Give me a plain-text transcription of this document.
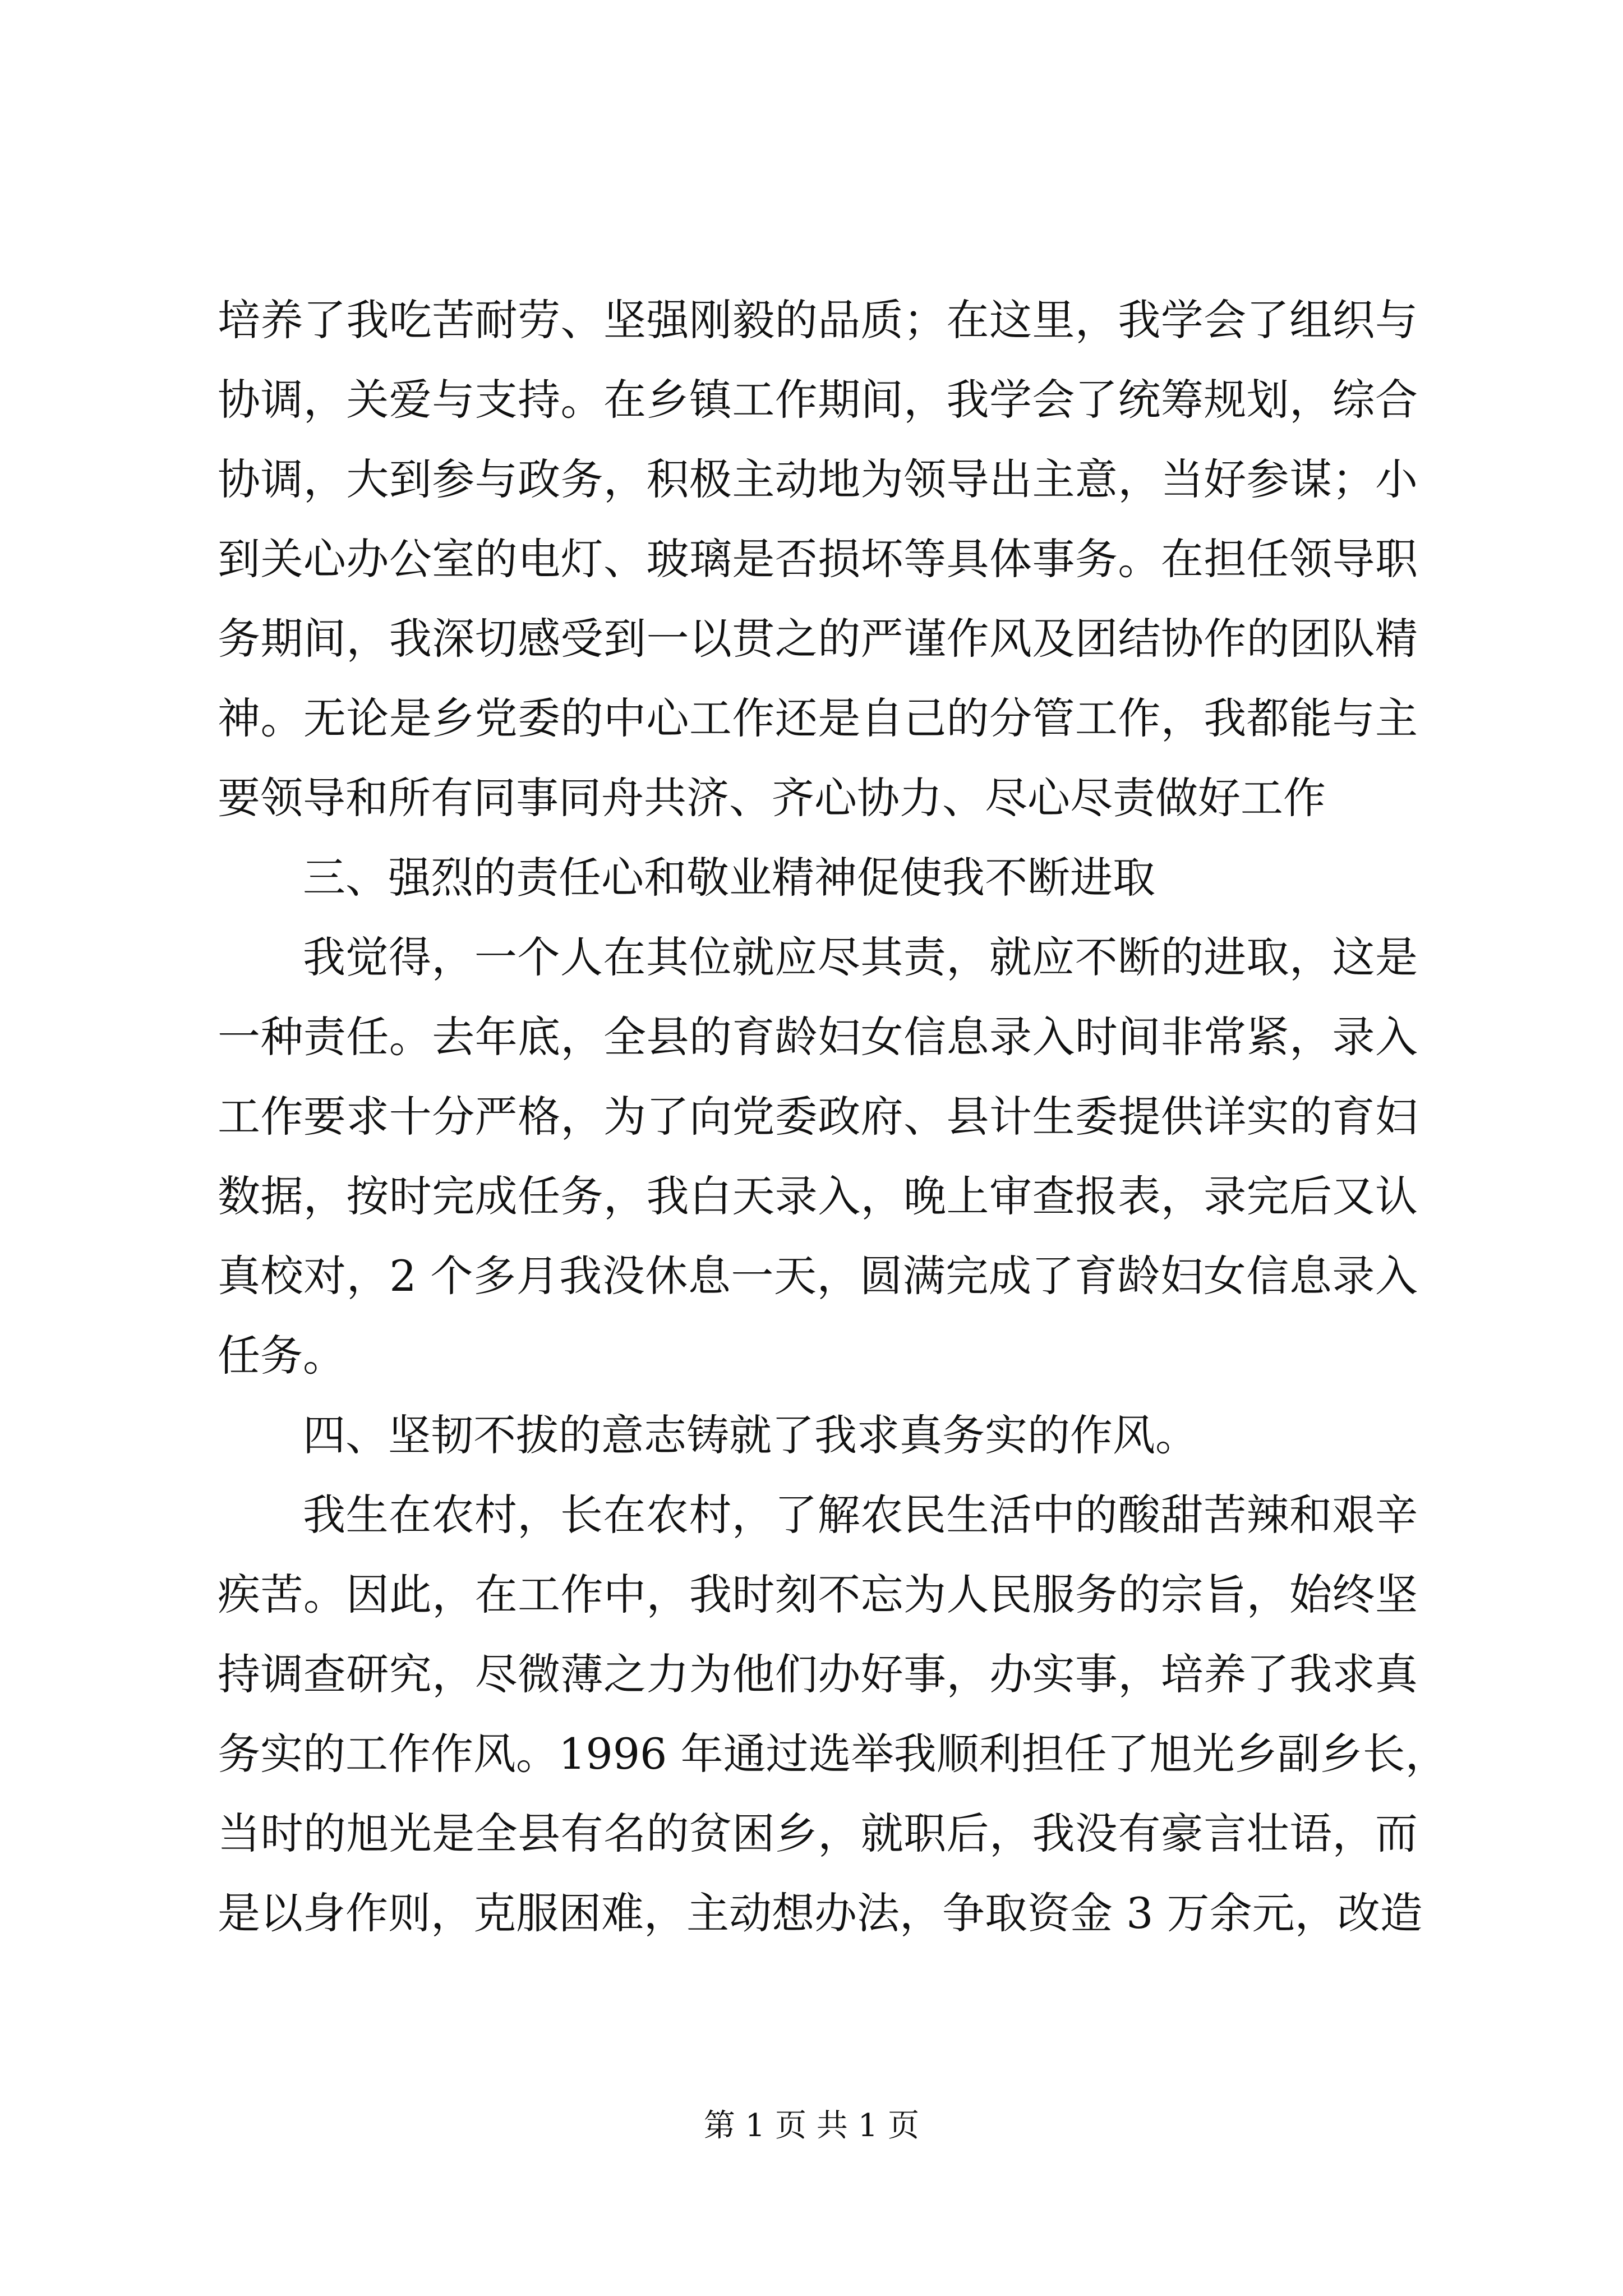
培养了我吃苦耐劳、坚强刚毅的品质；在这里，我学会了组织与
协调，关爱与支持。在乡镇工作期间，我学会了统筹规划，综合
协调，大到参与政务，积极主动地为领导出主意，当好参谋；小
到关心办公室的电灯、玻璃是否损坏等具体事务。在担任领导职
务期间，我深切感受到一以贯之的严谨作风及团结协作的团队精
神。无论是乡党委的中心工作还是自己的分管工作，我都能与主
要领导和所有同事同舟共济、齐心协力、尽心尽责做好工作
三、强烈的责任心和敬业精神促使我不断进取
我觉得，一个人在其位就应尽其责，就应不断的进取，这是
一种责任。去年底，全县的育龄妇女信息录入时间非常紧，录入
工作要求十分严格，为了向党委政府、县计生委提供详实的育妇
数据，按时完成任务，我白天录入，晚上审查报表，录完后又认
真校对，2 个多月我没休息一天，圆满完成了育龄妇女信息录入
任务。
四、坚韧不拔的意志铸就了我求真务实的作风。
我生在农村，长在农村，了解农民生活中的酸甜苦辣和艰辛
疾苦。因此，在工作中，我时刻不忘为人民服务的宗旨，始终坚
持调查研究，尽微薄之力为他们办好事，办实事，培养了我求真
务实的工作作风。1996 年通过选举我顺利担任了旭光乡副乡长，
当时的旭光是全县有名的贫困乡，就职后，我没有豪言壮语，而
是以身作则，克服困难，主动想办法，争取资金 3 万余元，改造
第 1 页 共 1 页
